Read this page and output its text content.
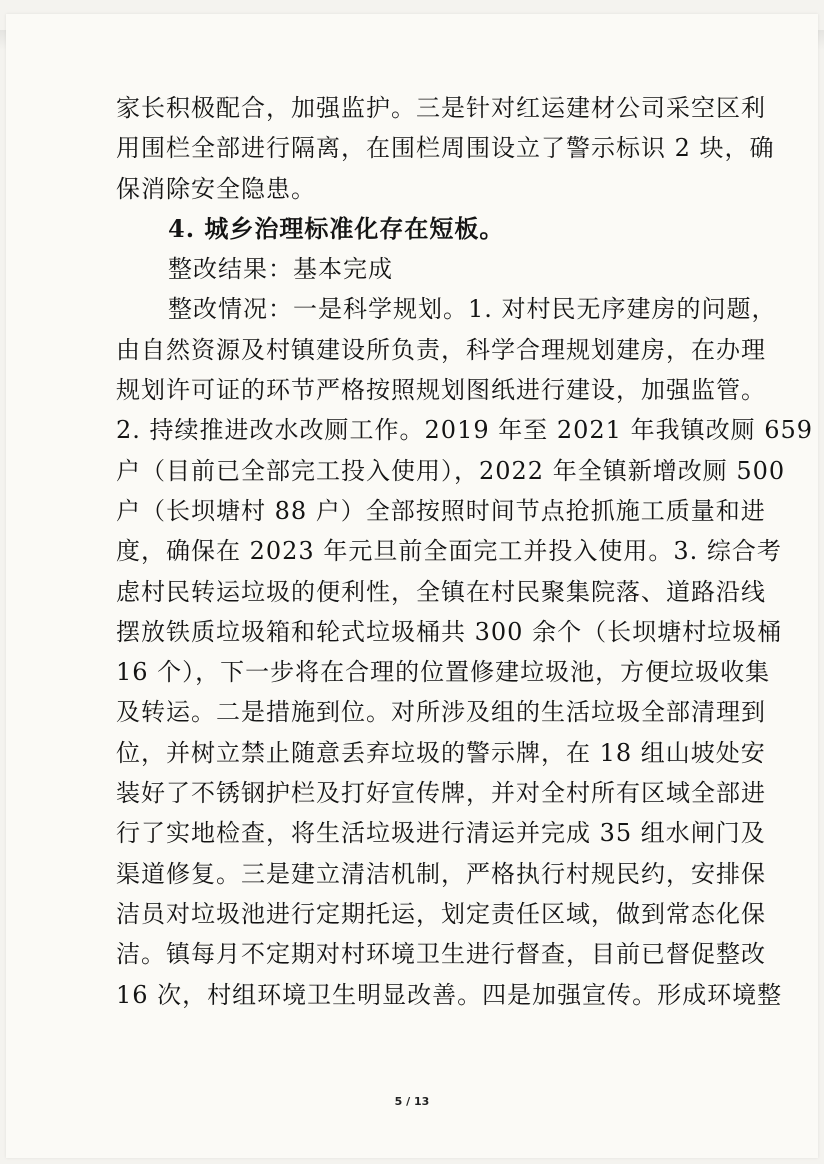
家长积极配合，加强监护。三是针对红运建材公司采空区利
用围栏全部进行隔离，在围栏周围设立了警示标识 2 块，确
保消除安全隐患。
4. 城乡治理标准化存在短板。
整改结果：基本完成
整改情况：一是科学规划。1. 对村民无序建房的问题，
由自然资源及村镇建设所负责，科学合理规划建房，在办理
规划许可证的环节严格按照规划图纸进行建设，加强监管。
2. 持续推进改水改厕工作。2019 年至 2021 年我镇改厕 659
户（目前已全部完工投入使用），2022 年全镇新增改厕 500
户（长坝塘村 88 户）全部按照时间节点抢抓施工质量和进
度，确保在 2023 年元旦前全面完工并投入使用。3. 综合考
虑村民转运垃圾的便利性，全镇在村民聚集院落、道路沿线
摆放铁质垃圾箱和轮式垃圾桶共 300 余个（长坝塘村垃圾桶
16 个），下一步将在合理的位置修建垃圾池，方便垃圾收集
及转运。二是措施到位。对所涉及组的生活垃圾全部清理到
位，并树立禁止随意丢弃垃圾的警示牌，在 18 组山坡处安
装好了不锈钢护栏及打好宣传牌，并对全村所有区域全部进
行了实地检查，将生活垃圾进行清运并完成 35 组水闸门及
渠道修复。三是建立清洁机制，严格执行村规民约，安排保
洁员对垃圾池进行定期托运，划定责任区域，做到常态化保
洁。镇每月不定期对村环境卫生进行督查，目前已督促整改
16 次，村组环境卫生明显改善。四是加强宣传。形成环境整
5 / 13
